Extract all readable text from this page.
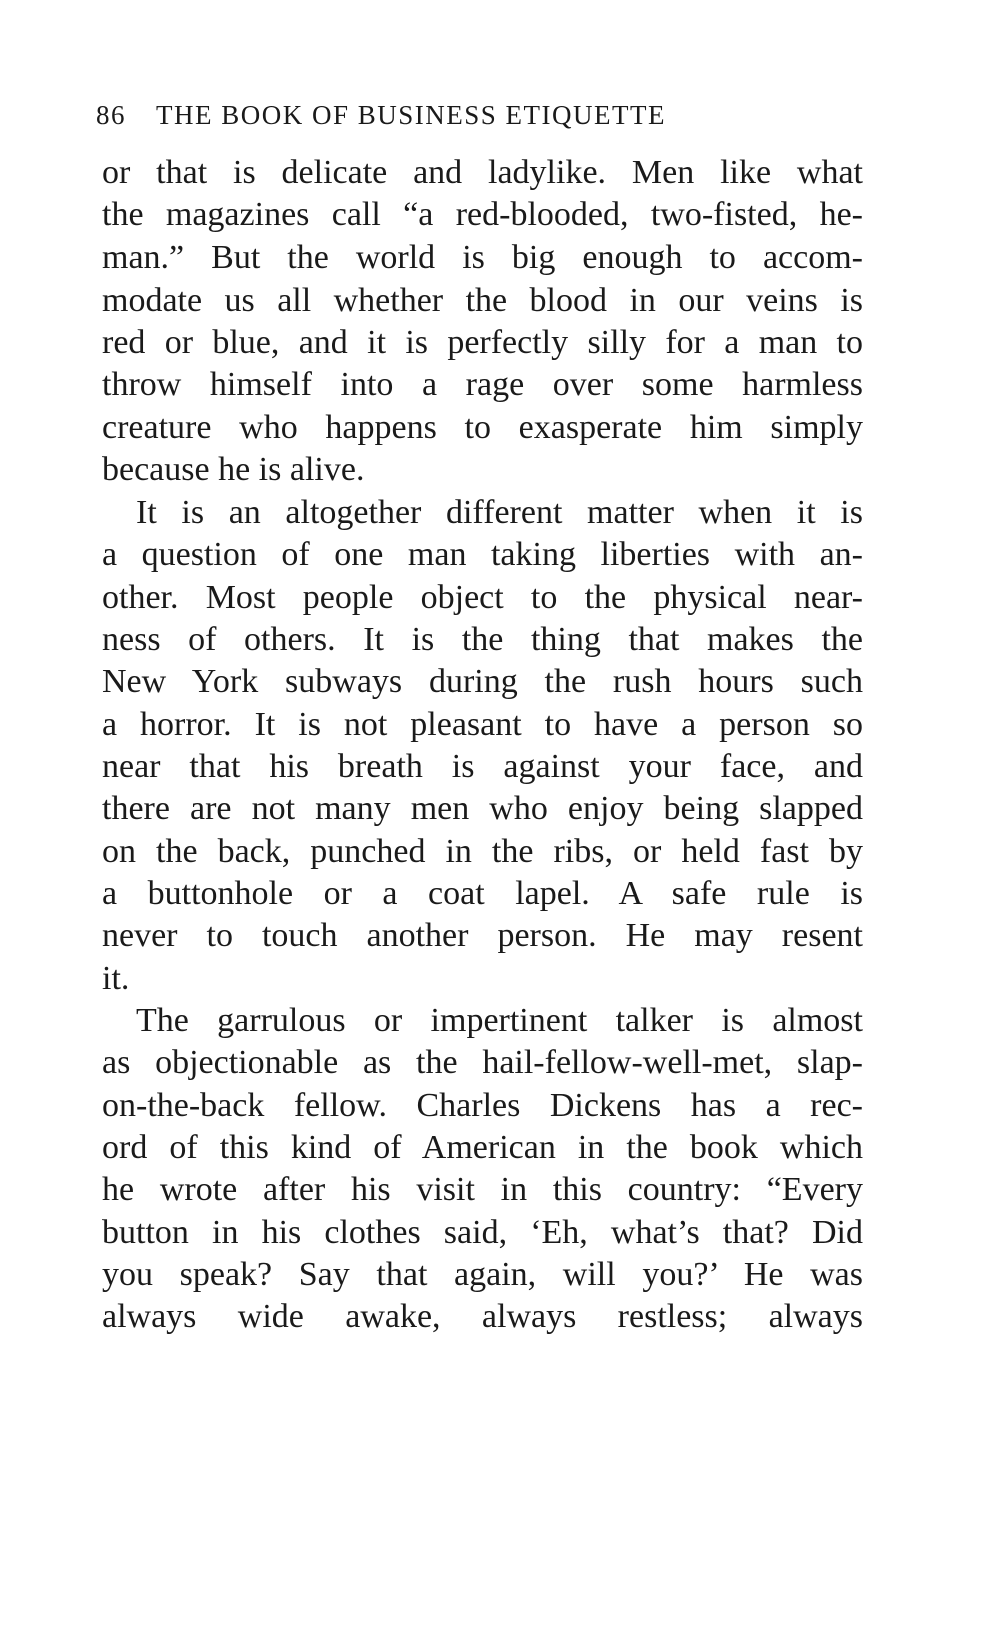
86 THE BOOK OF BUSINESS ETIQUETTE
or that is delicate and ladylike. Men like what
the magazines call “a red-blooded, two-fisted, he-
man.” But the world is big enough to accom-
modate us all whether the blood in our veins is
red or blue, and it is perfectly silly for a man to
throw himself into a rage over some harmless
creature who happens to exasperate him simply
because he is alive.
It is an altogether different matter when it is
a question of one man taking liberties with an-
other. Most people object to the physical near-
ness of others. It is the thing that makes the
New York subways during the rush hours such
a horror. It is not pleasant to have a person so
near that his breath is against your face, and
there are not many men who enjoy being slapped
on the back, punched in the ribs, or held fast by
a buttonhole or a coat lapel. A safe rule is
never to touch another person. He may resent
it.
The garrulous or impertinent talker is almost
as objectionable as the hail-fellow-well-met, slap-
on-the-back fellow. Charles Dickens has a rec-
ord of this kind of American in the book which
he wrote after his visit in this country: “Every
button in his clothes said, ‘Eh, what’s that? Did
you speak? Say that again, will you?’ He was
always wide awake, always restless; always
